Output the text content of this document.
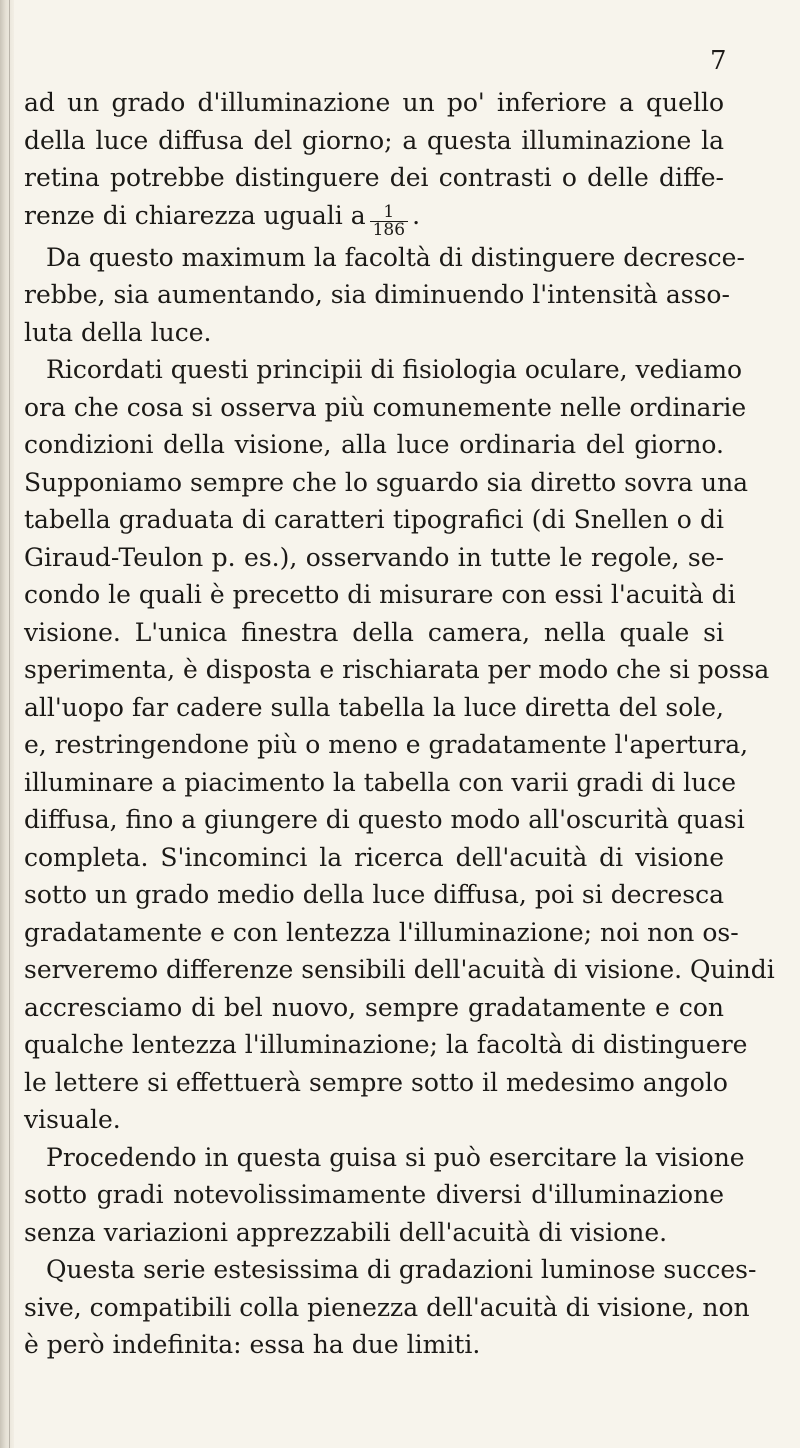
7

ad un grado d'illuminazione un po' inferiore a quello

della luce diffusa del giorno; a questa illuminazione la

retina potrebbe distinguere dei contrasti o delle diffe-

renze di chiarezza uguali a $\frac{1}{186}$ .

Da questo maximum la facoltà di distinguere decresce-

rebbe, sia aumentando, sia diminuendo l'intensità asso-

luta della luce.

Ricordati questi principii di fisiologia oculare, vediamo

ora che cosa si osserva più comunemente nelle ordinarie

condizioni della visione, alla luce ordinaria del giorno.

Supponiamo sempre che lo sguardo sia diretto sovra una

tabella graduata di caratteri tipografici (di Snellen o di

Giraud-Teulon p. es.), osservando in tutte le regole, se-

condo le quali è precetto di misurare con essi l'acuità di

visione. L'unica finestra della camera, nella quale si

sperimenta, è disposta e rischiarata per modo che si possa

all'uopo far cadere sulla tabella la luce diretta del sole,

e, restringendone più o meno e gradatamente l'apertura,

illuminare a piacimento la tabella con varii gradi di luce

diffusa, fino a giungere di questo modo all'oscurità quasi

completa. S'incominci la ricerca dell'acuità di visione

sotto un grado medio della luce diffusa, poi si decresca

gradatamente e con lentezza l'illuminazione; noi non os-

serveremo differenze sensibili dell'acuità di visione. Quindi

accresciamo di bel nuovo, sempre gradatamente e con

qualche lentezza l'illuminazione; la facoltà di distinguere

le lettere si effettuerà sempre sotto il medesimo angolo

visuale.

Procedendo in questa guisa si può esercitare la visione

sotto gradi notevolissimamente diversi d'illuminazione

senza variazioni apprezzabili dell'acuità di visione.

Questa serie estesissima di gradazioni luminose succes-

sive, compatibili colla pienezza dell'acuità di visione, non

è però indefinita: essa ha due limiti.
